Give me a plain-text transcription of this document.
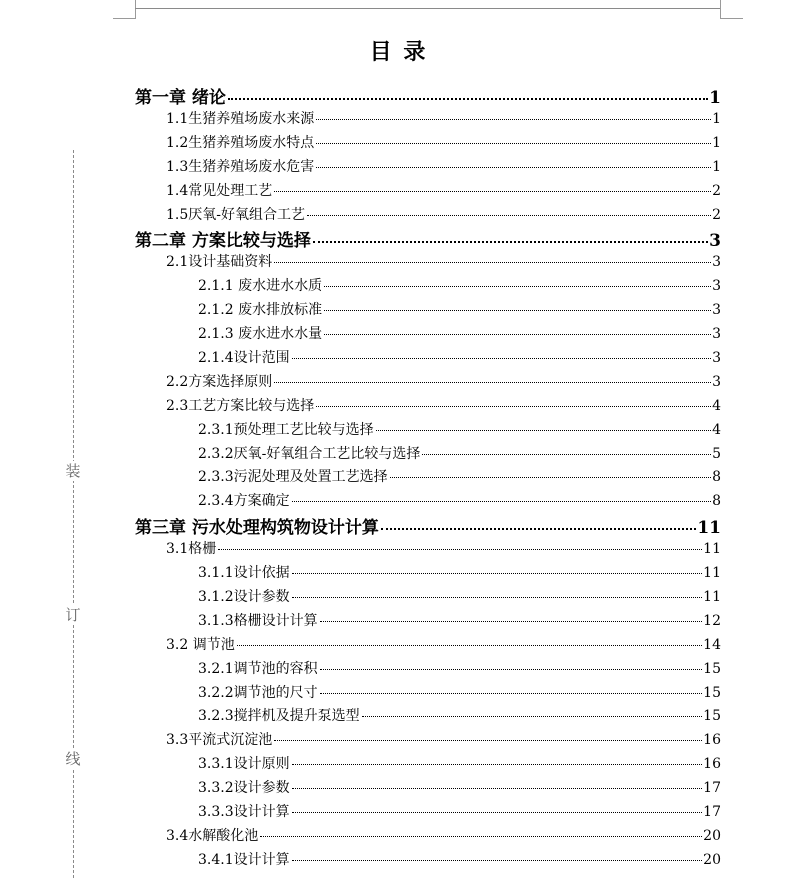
装
订
线
目 录
第一章 绪论	1
1.1生猪养殖场废水来源	1
1.2生猪养殖场废水特点	1
1.3生猪养殖场废水危害	1
1.4常见处理工艺	2
1.5厌氧-好氧组合工艺	2
第二章 方案比较与选择	3
2.1设计基础资料	3
2.1.1 废水进水水质	3
2.1.2 废水排放标准	3
2.1.3 废水进水水量	3
2.1.4设计范围	3
2.2方案选择原则	3
2.3工艺方案比较与选择	4
2.3.1预处理工艺比较与选择	4
2.3.2厌氧-好氧组合工艺比较与选择	5
2.3.3污泥处理及处置工艺选择	8
2.3.4方案确定	8
第三章 污水处理构筑物设计计算	11
3.1格栅	11
3.1.1设计依据	11
3.1.2设计参数	11
3.1.3格栅设计计算	12
3.2 调节池	14
3.2.1调节池的容积	15
3.2.2调节池的尺寸	15
3.2.3搅拌机及提升泵选型	15
3.3平流式沉淀池	16
3.3.1设计原则	16
3.3.2设计参数	17
3.3.3设计计算	17
3.4水解酸化池	20
3.4.1设计计算	20
